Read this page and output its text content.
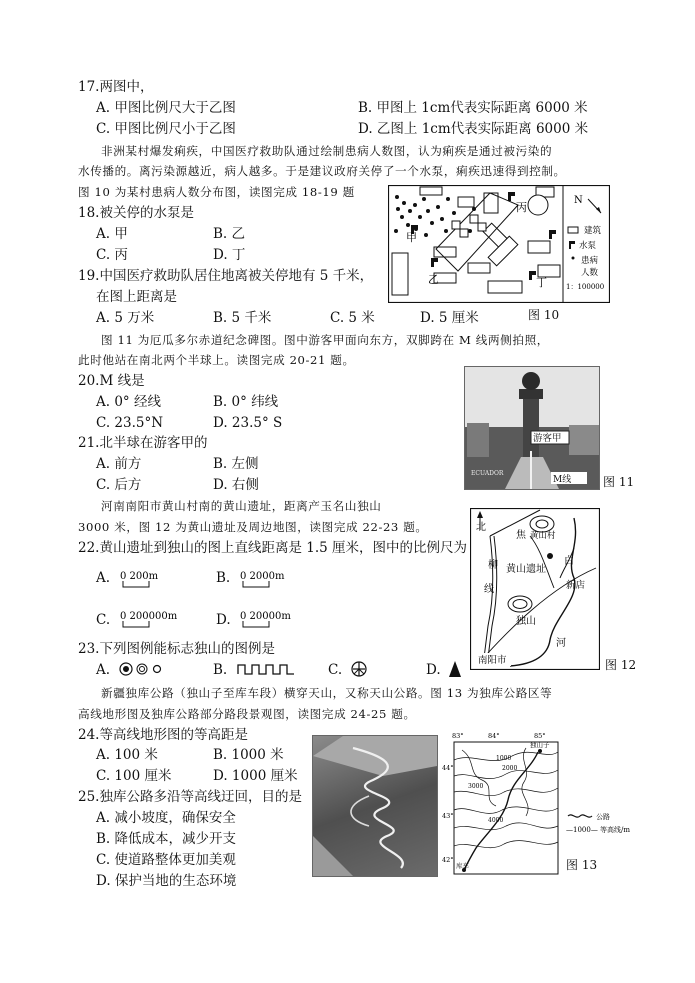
17.两图中，
A. 甲图比例尺大于乙图	B. 甲图上 1cm代表实际距离 6000 米
C. 甲图比例尺小于乙图	D. 乙图上 1cm代表实际距离 6000 米
非洲某村爆发痢疾，中国医疗救助队通过绘制患病人数图，认为痢疾是通过被污染的
水传播的。离污染源越近，病人越多。于是建议政府关停了一个水泵，痢疾迅速得到控制。
图 10 为某村患病人数分布图，读图完成 18-19 题
18.被关停的水泵是
A. 甲	B. 乙
C. 丙	D. 丁
19.中国医疗救助队居住地离被关停地有 5 千米，
在图上距离是
A. 5 万米	B. 5 千米	C. 5 米	D. 5 厘米
N
建筑
水泵
患病
人数
1：100000
甲
乙
丙
丁
图 10
图 11 为厄瓜多尔赤道纪念碑图。图中游客甲面向东方，双脚跨在 M 线两侧拍照，
此时他站在南北两个半球上。读图完成 20-21 题。
20.M 线是
A. 0° 经线	B. 0° 纬线
C. 23.5°N	D. 23.5° S
21.北半球在游客甲的
A. 前方	B. 左侧
C. 后方	D. 右侧
游客甲
ECUADOR
M线	图 11
河南南阳市黄山村南的黄山遗址，距离产玉名山独山
3000 米，图 12 为黄山遗址及周边地图，读图完成 22-23 题。
22.黄山遗址到独山的图上直线距离是 1.5 厘米，图中的比例尺为
A. 0 200m	B. 0 2000m
C. 0 200000m	D. 0 20000m
23.下列图例能标志独山的图例是
A.	B.	C.	D.
北
焦 黄山村
白
柳
线
黄山遗址
独山
新店
河
南阳市	图 12
新疆独库公路（独山子至库车段）横穿天山，又称天山公路。图 13 为独库公路区等
高线地形图及独库公路部分路段景观图，读图完成 24-25 题。
24.等高线地形图的等高距是
A. 100 米	B. 1000 米
C. 100 厘米	D. 1000 厘米
25.独库公路多沿等高线迂回，目的是
A. 减小坡度，确保安全
B. 降低成本，减少开支
C. 使道路整体更加美观
D. 保护当地的生态环境
83°	84°	85°
44°
43°
42°
独山子
库车
1000
2000
3000
4000	公路
—1000— 等高线/m
图 13
